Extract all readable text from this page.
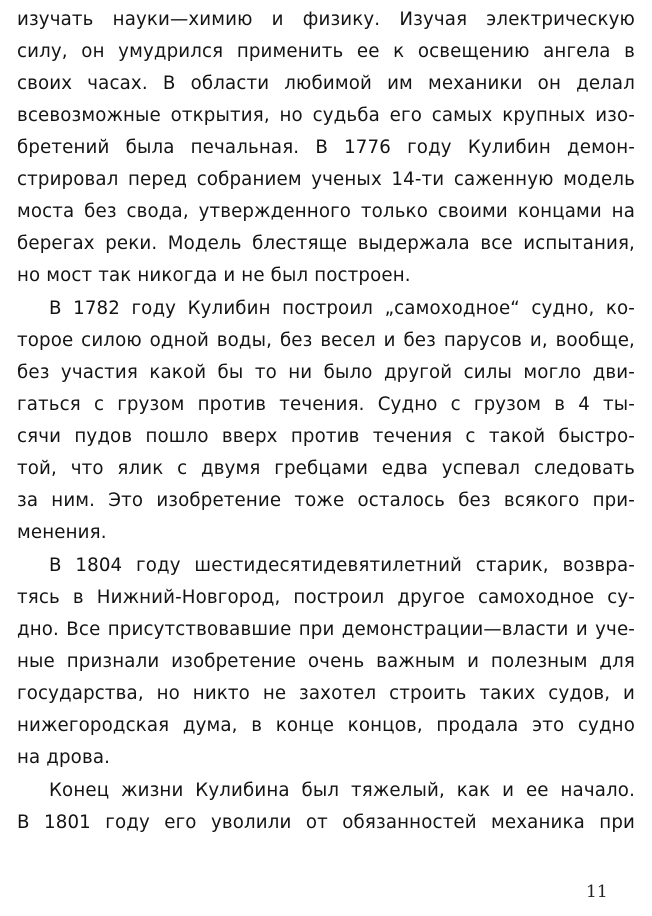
изучать науки—химию и физику. Изучая электрическую
силу, он умудрился применить ее к освещению ангела в
своих часах. В области любимой им механики он делал
всевозможные открытия, но судьба его самых крупных изо-
бретений была печальная. В 1776 году Кулибин демон-
стрировал перед собранием ученых 14-ти саженную модель
моста без свода, утвержденного только своими концами на
берегах реки. Модель блестяще выдержала все испытания,
но мост так никогда и не был построен.
В 1782 году Кулибин построил „самоходное“ судно, ко-
торое силою одной воды, без весел и без парусов и, вообще,
без участия какой бы то ни было другой силы могло дви-
гаться с грузом против течения. Судно с грузом в 4 ты-
сячи пудов пошло вверх против течения с такой быстро-
той, что ялик с двумя гребцами едва успевал следовать
за ним. Это изобретение тоже осталось без всякого при-
менения.
В 1804 году шестидесятидевятилетний старик, возвра-
тясь в Нижний-Новгород, построил другое самоходное су-
дно. Все присутствовавшие при демонстрации—власти и уче-
ные признали изобретение очень важным и полезным для
государства, но никто не захотел строить таких судов, и
нижегородская дума, в конце концов, продала это судно
на дрова.
Конец жизни Кулибина был тяжелый, как и ее начало.
В 1801 году его уволили от обязанностей механика при
11
